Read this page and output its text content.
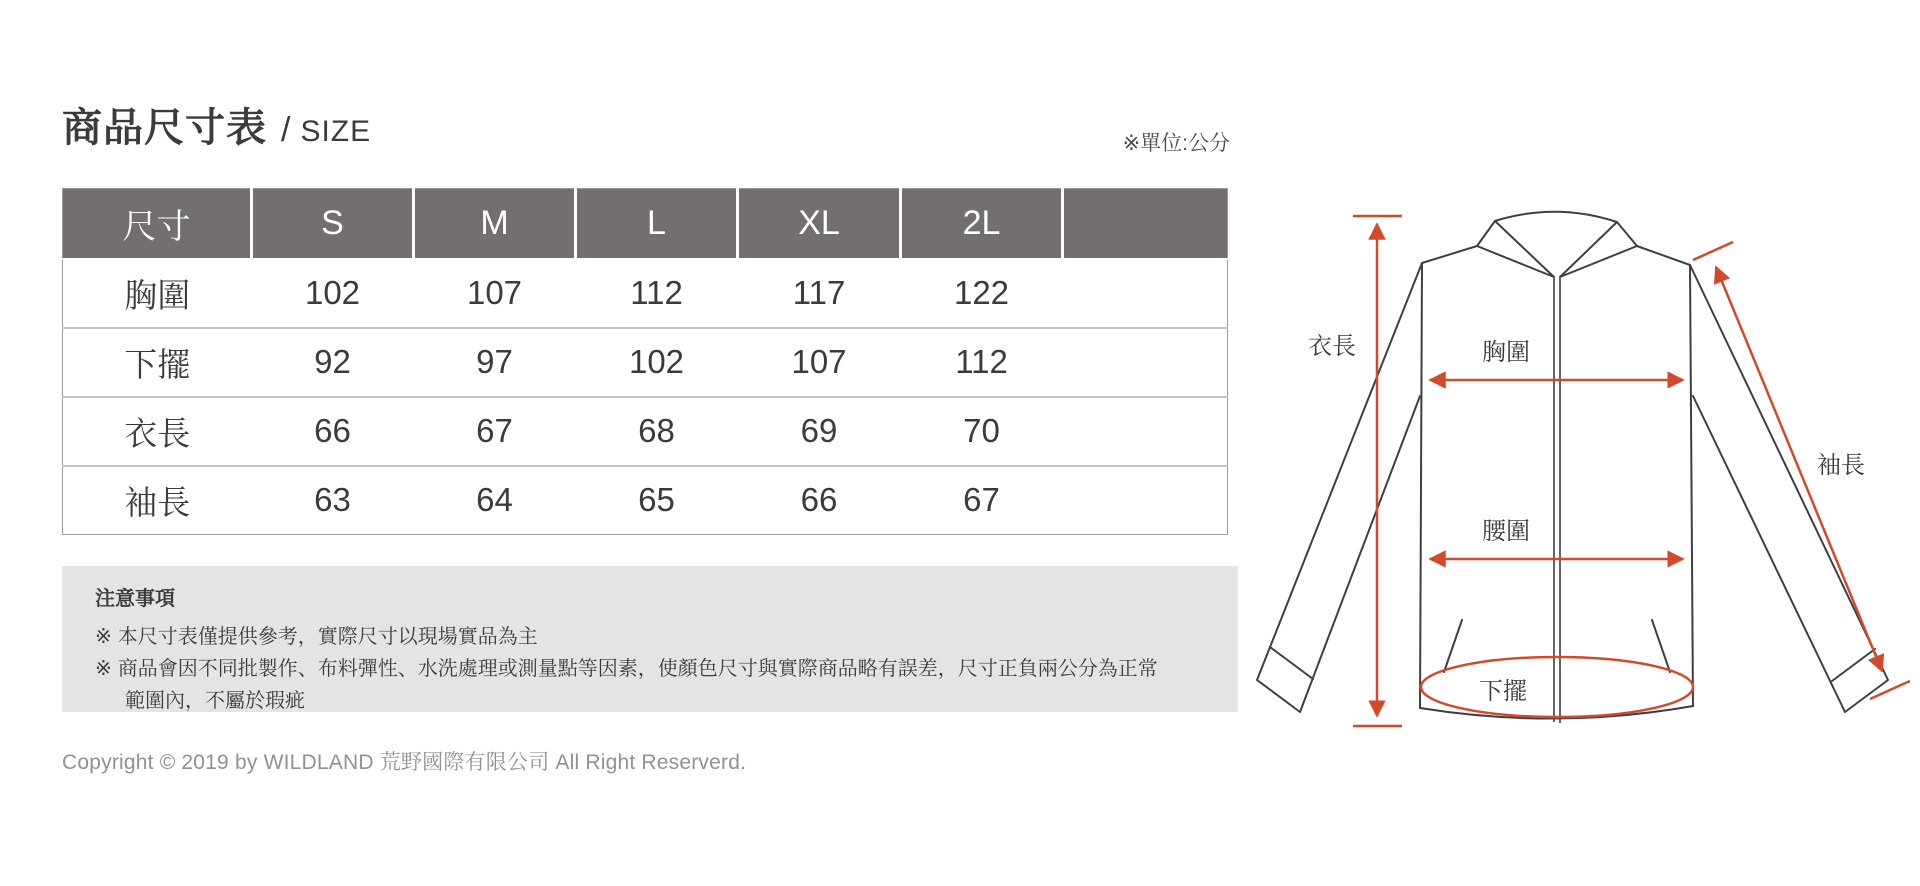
商品尺寸表 / SIZE	※單位:公分
尺寸	S	M	L	XL	2L	
胸圍	102	107	112	117	122	
下擺	92	97	102	107	112	
衣長	66	67	68	69	70	
袖長	63	64	65	66	67	
注意事項
※ 本尺寸表僅提供參考，實際尺寸以現場實品為主
※ 商品會因不同批製作、布料彈性、水洗處理或測量點等因素，使顏色尺寸與實際商品略有誤差，尺寸正負兩公分為正常範圍內，不屬於瑕疵
Copyright © 2019 by WILDLAND 荒野國際有限公司 All Right Reserverd.
衣長	胸圍
腰圍
袖長
下擺
